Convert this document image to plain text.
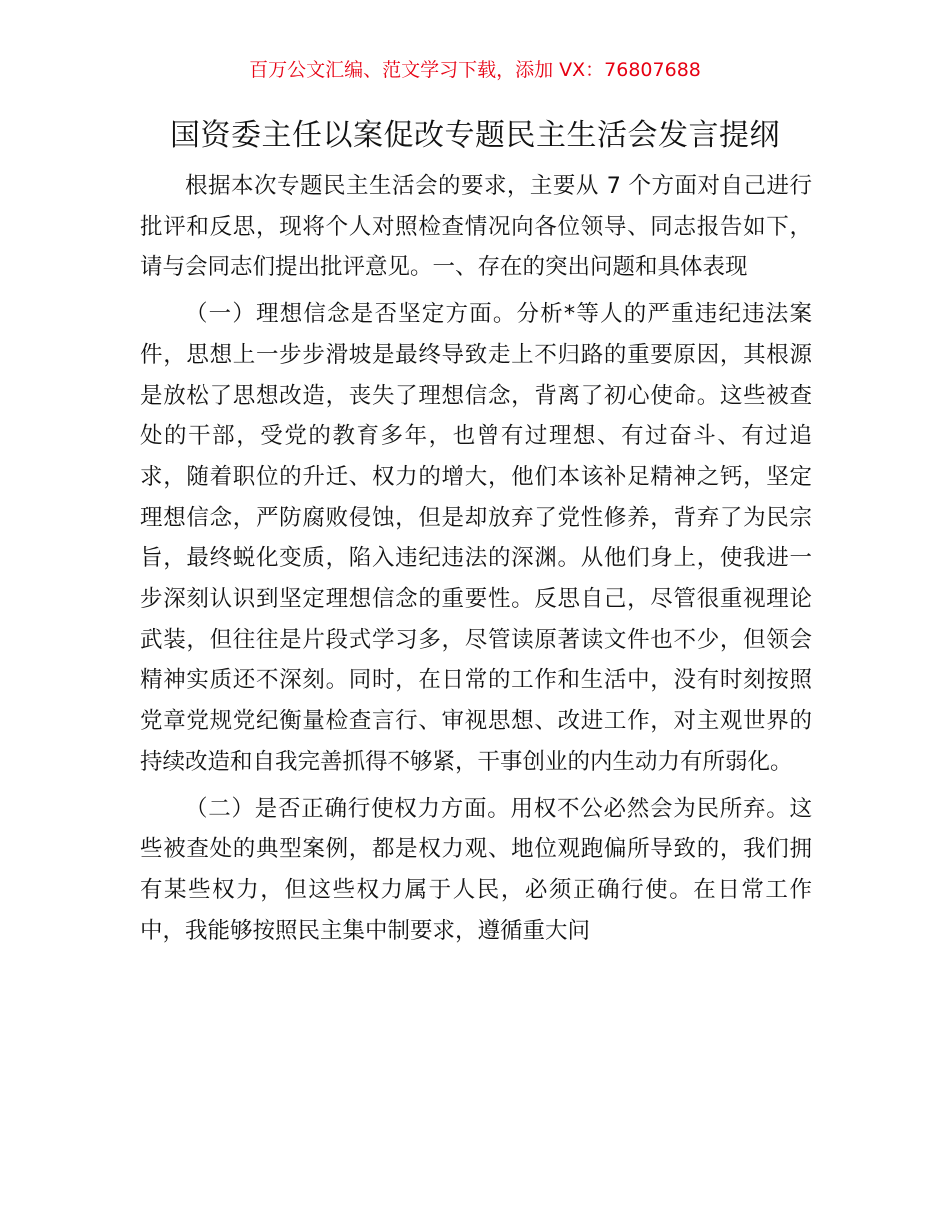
百万公文汇编、范文学习下载，添加 VX：76807688
国资委主任以案促改专题民主生活会发言提纲

根据本次专题民主生活会的要求，主要从 7 个方面对自己进行批评和反思，现将个人对照检查情况向各位领导、同志报告如下，请与会同志们提出批评意见。一、存在的突出问题和具体表现

（一）理想信念是否坚定方面。分析*等人的严重违纪违法案件，思想上一步步滑坡是最终导致走上不归路的重要原因，其根源是放松了思想改造，丧失了理想信念，背离了初心使命。这些被查处的干部，受党的教育多年，也曾有过理想、有过奋斗、有过追求，随着职位的升迁、权力的增大，他们本该补足精神之钙，坚定理想信念，严防腐败侵蚀，但是却放弃了党性修养，背弃了为民宗旨，最终蜕化变质，陷入违纪违法的深渊。从他们身上，使我进一步深刻认识到坚定理想信念的重要性。反思自己，尽管很重视理论武装，但往往是片段式学习多，尽管读原著读文件也不少，但领会精神实质还不深刻。同时，在日常的工作和生活中，没有时刻按照党章党规党纪衡量检查言行、审视思想、改进工作，对主观世界的持续改造和自我完善抓得不够紧，干事创业的内生动力有所弱化。

（二）是否正确行使权力方面。用权不公必然会为民所弃。这些被查处的典型案例，都是权力观、地位观跑偏所导致的，我们拥有某些权力，但这些权力属于人民，必须正确行使。在日常工作中，我能够按照民主集中制要求，遵循重大问
